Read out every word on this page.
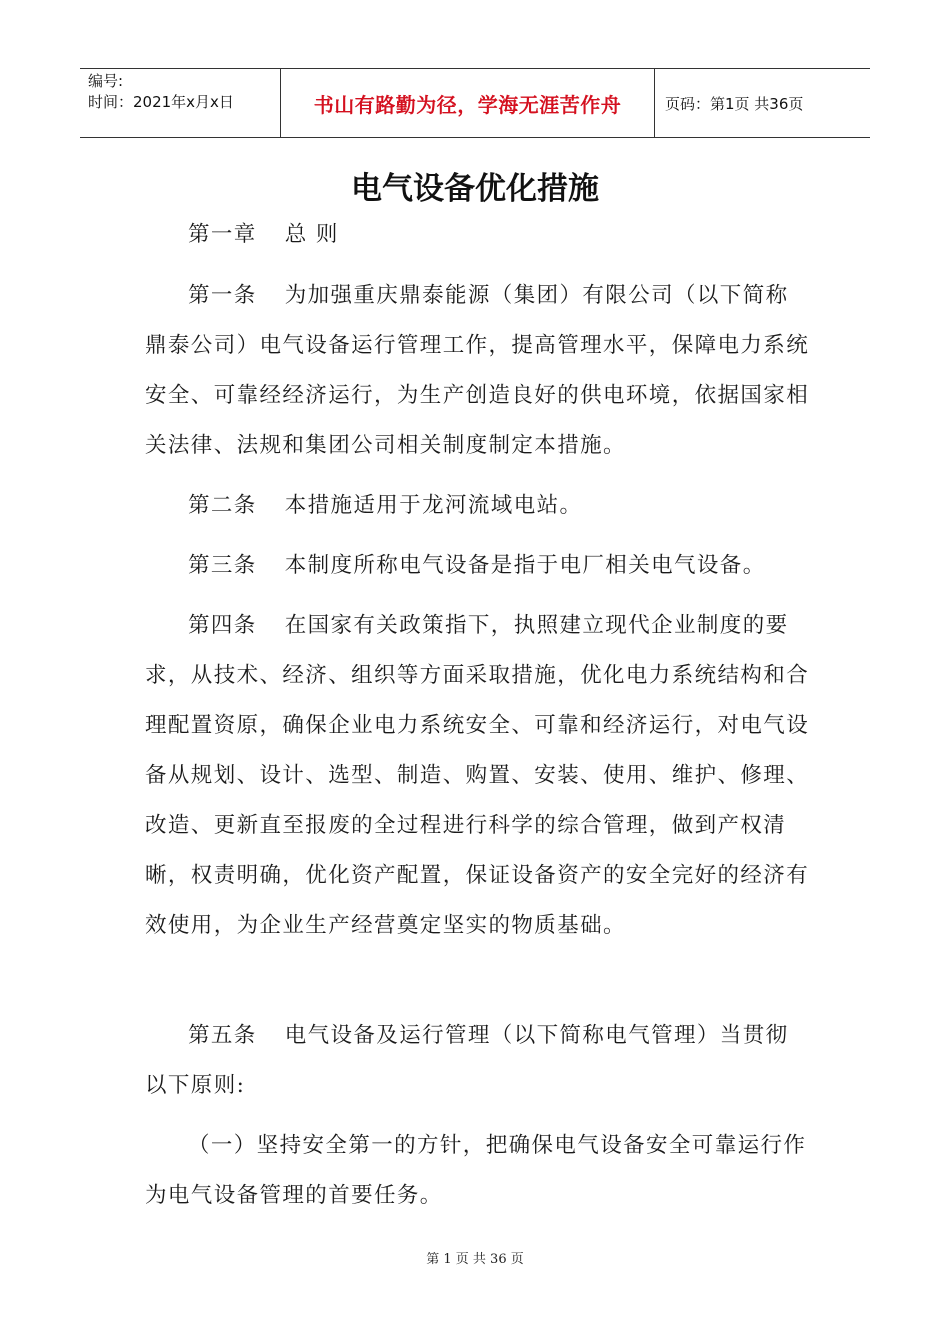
编号:
时间：2021年x月x日	书山有路勤为径，学海无涯苦作舟	页码：第1页 共36页
电气设备优化措施

第一章 总 则

第一条 为加强重庆鼎泰能源（集团）有限公司（以下简称鼎泰公司）电气设备运行管理工作，提高管理水平，保障电力系统安全、可靠经经济运行，为生产创造良好的供电环境，依据国家相关法律、法规和集团公司相关制度制定本措施。

第二条 本措施适用于龙河流域电站。

第三条 本制度所称电气设备是指于电厂相关电气设备。

第四条 在国家有关政策指下，执照建立现代企业制度的要求，从技术、经济、组织等方面采取措施，优化电力系统结构和合理配置资原，确保企业电力系统安全、可靠和经济运行，对电气设备从规划、设计、选型、制造、购置、安装、使用、维护、修理、改造、更新直至报废的全过程进行科学的综合管理，做到产权清晰，权责明确，优化资产配置，保证设备资产的安全完好的经济有效使用，为企业生产经营奠定坚实的物质基础。

第五条 电气设备及运行管理（以下简称电气管理）当贯彻以下原则:

（一）坚持安全第一的方针，把确保电气设备安全可靠运行作为电气设备管理的首要任务。

第 1 页 共 36 页
